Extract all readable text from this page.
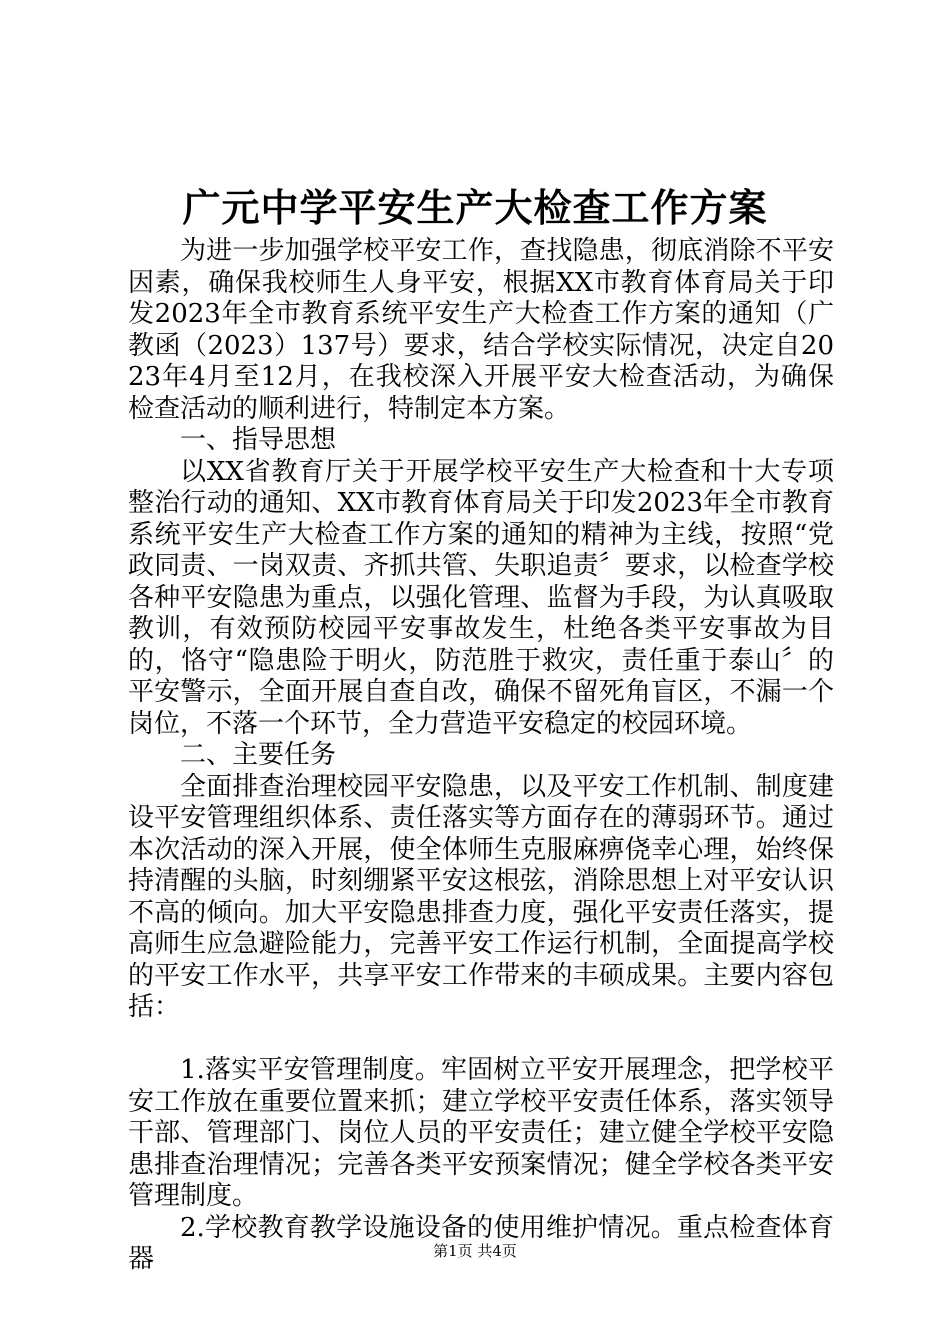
广元中学平安生产大检查工作方案

为进一步加强学校平安工作，查找隐患，彻底消除不平安因素，确保我校师生人身平安，根据XX市教育体育局关于印发2023年全市教育系统平安生产大检查工作方案的通知（广教函（2023）137号）要求，结合学校实际情况，决定自2023年4月至12月，在我校深入开展平安大检查活动，为确保检查活动的顺利进行，特制定本方案。

一、指导思想

以XX省教育厅关于开展学校平安生产大检查和十大专项整治行动的通知、XX市教育体育局关于印发2023年全市教育系统平安生产大检查工作方案的通知的精神为主线，按照“党政同责、一岗双责、齐抓共管、失职追责〞要求，以检查学校各种平安隐患为重点，以强化管理、监督为手段，为认真吸取教训，有效预防校园平安事故发生，杜绝各类平安事故为目的，恪守“隐患险于明火，防范胜于救灾，责任重于泰山〞的平安警示，全面开展自查自改，确保不留死角盲区，不漏一个岗位，不落一个环节，全力营造平安稳定的校园环境。

二、主要任务

全面排查治理校园平安隐患，以及平安工作机制、制度建设平安管理组织体系、责任落实等方面存在的薄弱环节。通过本次活动的深入开展，使全体师生克服麻痹侥幸心理，始终保持清醒的头脑，时刻绷紧平安这根弦，消除思想上对平安认识不高的倾向。加大平安隐患排查力度，强化平安责任落实，提高师生应急避险能力，完善平安工作运行机制，全面提高学校的平安工作水平，共享平安工作带来的丰硕成果。主要内容包括：

1.落实平安管理制度。牢固树立平安开展理念，把学校平安工作放在重要位置来抓；建立学校平安责任体系，落实领导干部、管理部门、岗位人员的平安责任；建立健全学校平安隐患排查治理情况；完善各类平安预案情况；健全学校各类平安管理制度。

2.学校教育教学设施设备的使用维护情况。重点检查体育器	第1页 共4页
